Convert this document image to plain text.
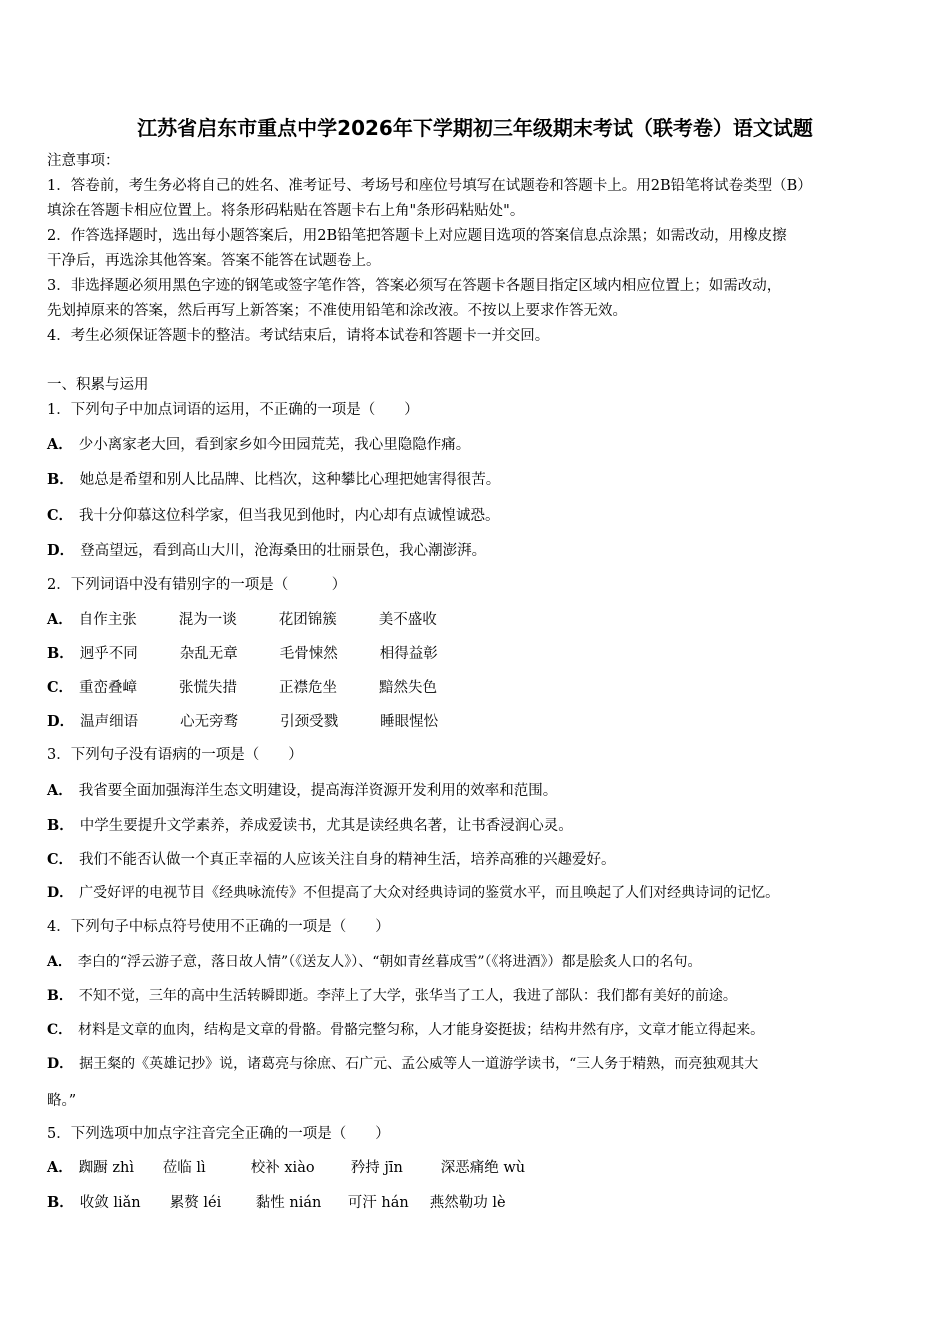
江苏省启东市重点中学2026年下学期初三年级期末考试（联考卷）语文试题
注意事项：
1．答卷前，考生务必将自己的姓名、准考证号、考场号和座位号填写在试题卷和答题卡上。用2B铅笔将试卷类型（B）
填涂在答题卡相应位置上。将条形码粘贴在答题卡右上角"条形码粘贴处"。
2．作答选择题时，选出每小题答案后，用2B铅笔把答题卡上对应题目选项的答案信息点涂黑；如需改动，用橡皮擦
干净后，再选涂其他答案。答案不能答在试题卷上。
3．非选择题必须用黑色字迹的钢笔或签字笔作答，答案必须写在答题卡各题目指定区域内相应位置上；如需改动，
先划掉原来的答案，然后再写上新答案；不准使用铅笔和涂改液。不按以上要求作答无效。
4．考生必须保证答题卡的整洁。考试结束后，请将本试卷和答题卡一并交回。
一、积累与运用
1．下列句子中加点词语的运用，不正确的一项是（　　）
A． 少小离家老大回，看到家乡如今田园荒芜，我心里隐隐作痛。
B． 她总是希望和别人比品牌、比档次，这种攀比心理把她害得很苦。
C． 我十分仰慕这位科学家，但当我见到他时，内心却有点诚惶诚恐。
D． 登高望远，看到高山大川，沧海桑田的壮丽景色，我心潮澎湃。
2．下列词语中没有错别字的一项是（　　　）
A． 自作主张	混为一谈	花团锦簇	美不盛收
B． 迥乎不同	杂乱无章	毛骨悚然	相得益彰
C． 重峦叠嶂	张慌失措	正襟危坐	黯然失色
D． 温声细语	心无旁骛	引颈受戮	睡眼惺忪
3．下列句子没有语病的一项是（　　）
A． 我省要全面加强海洋生态文明建设，提高海洋资源开发利用的效率和范围。
B． 中学生要提升文学素养，养成爱读书，尤其是读经典名著，让书香浸润心灵。
C． 我们不能否认做一个真正幸福的人应该关注自身的精神生活，培养高雅的兴趣爱好。
D． 广受好评的电视节目《经典咏流传》不但提高了大众对经典诗词的鉴赏水平，而且唤起了人们对经典诗词的记忆。
4．下列句子中标点符号使用不正确的一项是（　　）
A． 李白的“浮云游子意，落日故人情”（《送友人》）、“朝如青丝暮成雪”（《将进酒》）都是脍炙人口的名句。
B． 不知不觉，三年的高中生活转瞬即逝。李萍上了大学，张华当了工人，我进了部队：我们都有美好的前途。
C． 材料是文章的血肉，结构是文章的骨骼。骨骼完整匀称，人才能身姿挺拔；结构井然有序，文章才能立得起来。
D． 据王粲的《英雄记抄》说，诸葛亮与徐庶、石广元、孟公威等人一道游学读书，“三人务于精熟，而亮独观其大
略。”
5．下列选项中加点字注音完全正确的一项是（　　）
A． 踟蹰 zhì 莅临 lì	校补 xiào 矜持 jīn	深恶痛绝 wù
B． 收敛 liǎn 累赘 léi 黏性 nián 可汗 hán 燕然勒功 lè
